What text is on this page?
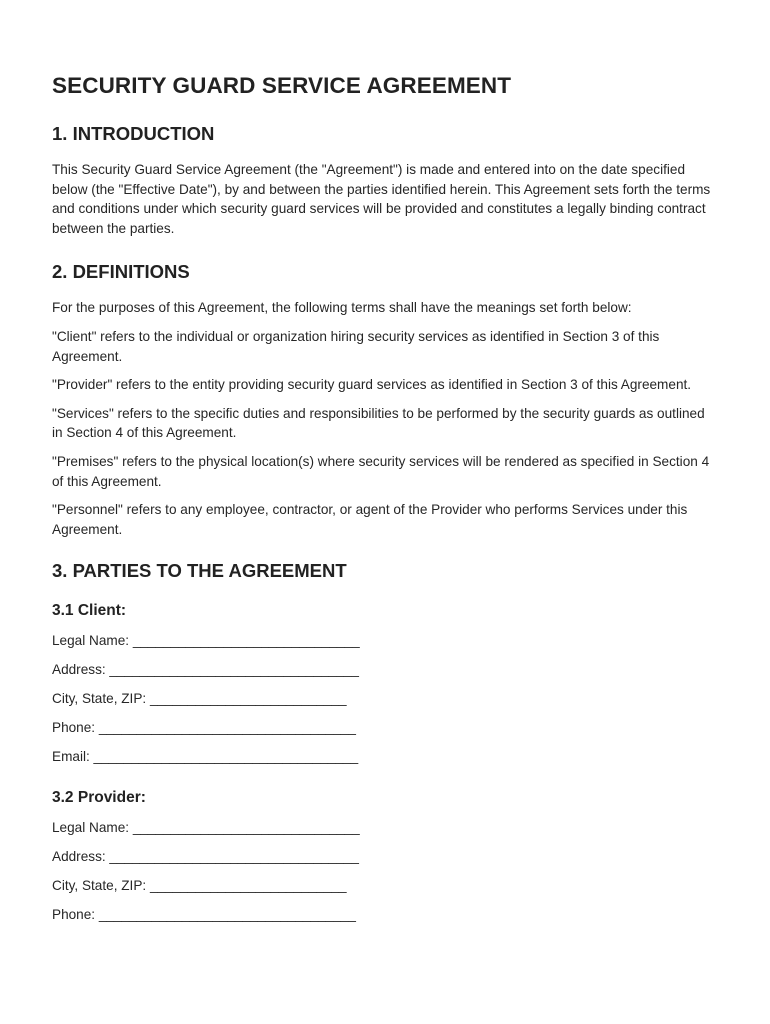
SECURITY GUARD SERVICE AGREEMENT
1. INTRODUCTION

This Security Guard Service Agreement (the "Agreement") is made and entered into on the date specified below (the "Effective Date"), by and between the parties identified herein. This Agreement sets forth the terms and conditions under which security guard services will be provided and constitutes a legally binding contract between the parties.

2. DEFINITIONS

For the purposes of this Agreement, the following terms shall have the meanings set forth below:

"Client" refers to the individual or organization hiring security services as identified in Section 3 of this Agreement.

"Provider" refers to the entity providing security guard services as identified in Section 3 of this Agreement.

"Services" refers to the specific duties and responsibilities to be performed by the security guards as outlined in Section 4 of this Agreement.

"Premises" refers to the physical location(s) where security services will be rendered as specified in Section 4 of this Agreement.

"Personnel" refers to any employee, contractor, or agent of the Provider who performs Services under this Agreement.

3. PARTIES TO THE AGREEMENT
3.1 Client:
Legal Name: ______________________________
Address: _________________________________
City, State, ZIP: __________________________
Phone: __________________________________
Email: ___________________________________
3.2 Provider:
Legal Name: ______________________________
Address: _________________________________
City, State, ZIP: __________________________
Phone: __________________________________
